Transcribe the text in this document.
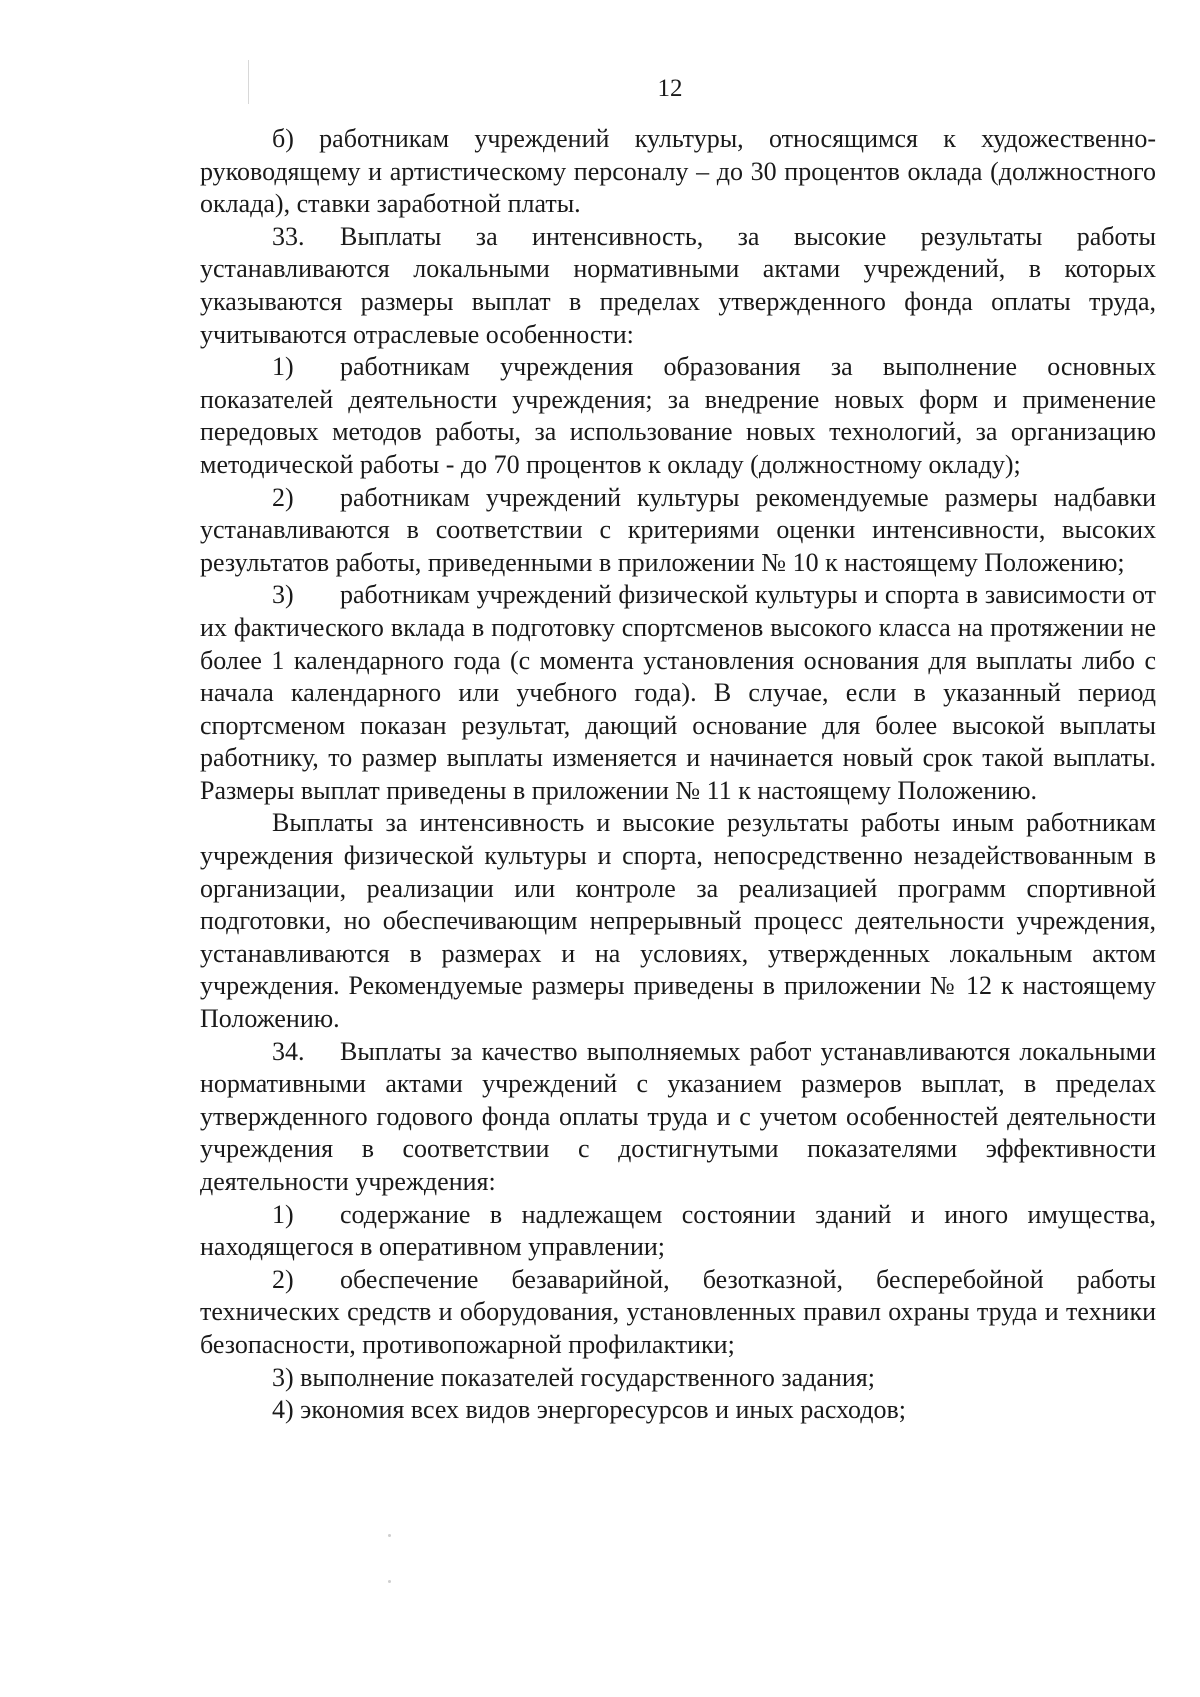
12

б) работникам учреждений культуры, относящимся к художественно-руководящему и артистическому персоналу – до 30 процентов оклада (должностного оклада), ставки заработной платы.

33. Выплаты за интенсивность, за высокие результаты работы устанавливаются локальными нормативными актами учреждений, в которых указываются размеры выплат в пределах утвержденного фонда оплаты труда, учитываются отраслевые особенности:

1) работникам учреждения образования за выполнение основных показателей деятельности учреждения; за внедрение новых форм и применение передовых методов работы, за использование новых технологий, за организацию методической работы - до 70 процентов к окладу (должностному окладу);

2) работникам учреждений культуры рекомендуемые размеры надбавки устанавливаются в соответствии с критериями оценки интенсивности, высоких результатов работы, приведенными в приложении № 10 к настоящему Положению;

3) работникам учреждений физической культуры и спорта в зависимости от их фактического вклада в подготовку спортсменов высокого класса на протяжении не более 1 календарного года (с момента установления основания для выплаты либо с начала календарного или учебного года). В случае, если в указанный период спортсменом показан результат, дающий основание для более высокой выплаты работнику, то размер выплаты изменяется и начинается новый срок такой выплаты. Размеры выплат приведены в приложении № 11 к настоящему Положению.

Выплаты за интенсивность и высокие результаты работы иным работникам учреждения физической культуры и спорта, непосредственно незадействованным в организации, реализации или контроле за реализацией программ спортивной подготовки, но обеспечивающим непрерывный процесс деятельности учреждения, устанавливаются в размерах и на условиях, утвержденных локальным актом учреждения. Рекомендуемые размеры приведены в приложении № 12 к настоящему Положению.

34. Выплаты за качество выполняемых работ устанавливаются локальными нормативными актами учреждений с указанием размеров выплат, в пределах утвержденного годового фонда оплаты труда и с учетом особенностей деятельности учреждения в соответствии с достигнутыми показателями эффективности деятельности учреждения:

1) содержание в надлежащем состоянии зданий и иного имущества, находящегося в оперативном управлении;

2) обеспечение безаварийной, безотказной, бесперебойной работы технических средств и оборудования, установленных правил охраны труда и техники безопасности, противопожарной профилактики;

3) выполнение показателей государственного задания;

4) экономия всех видов энергоресурсов и иных расходов;
